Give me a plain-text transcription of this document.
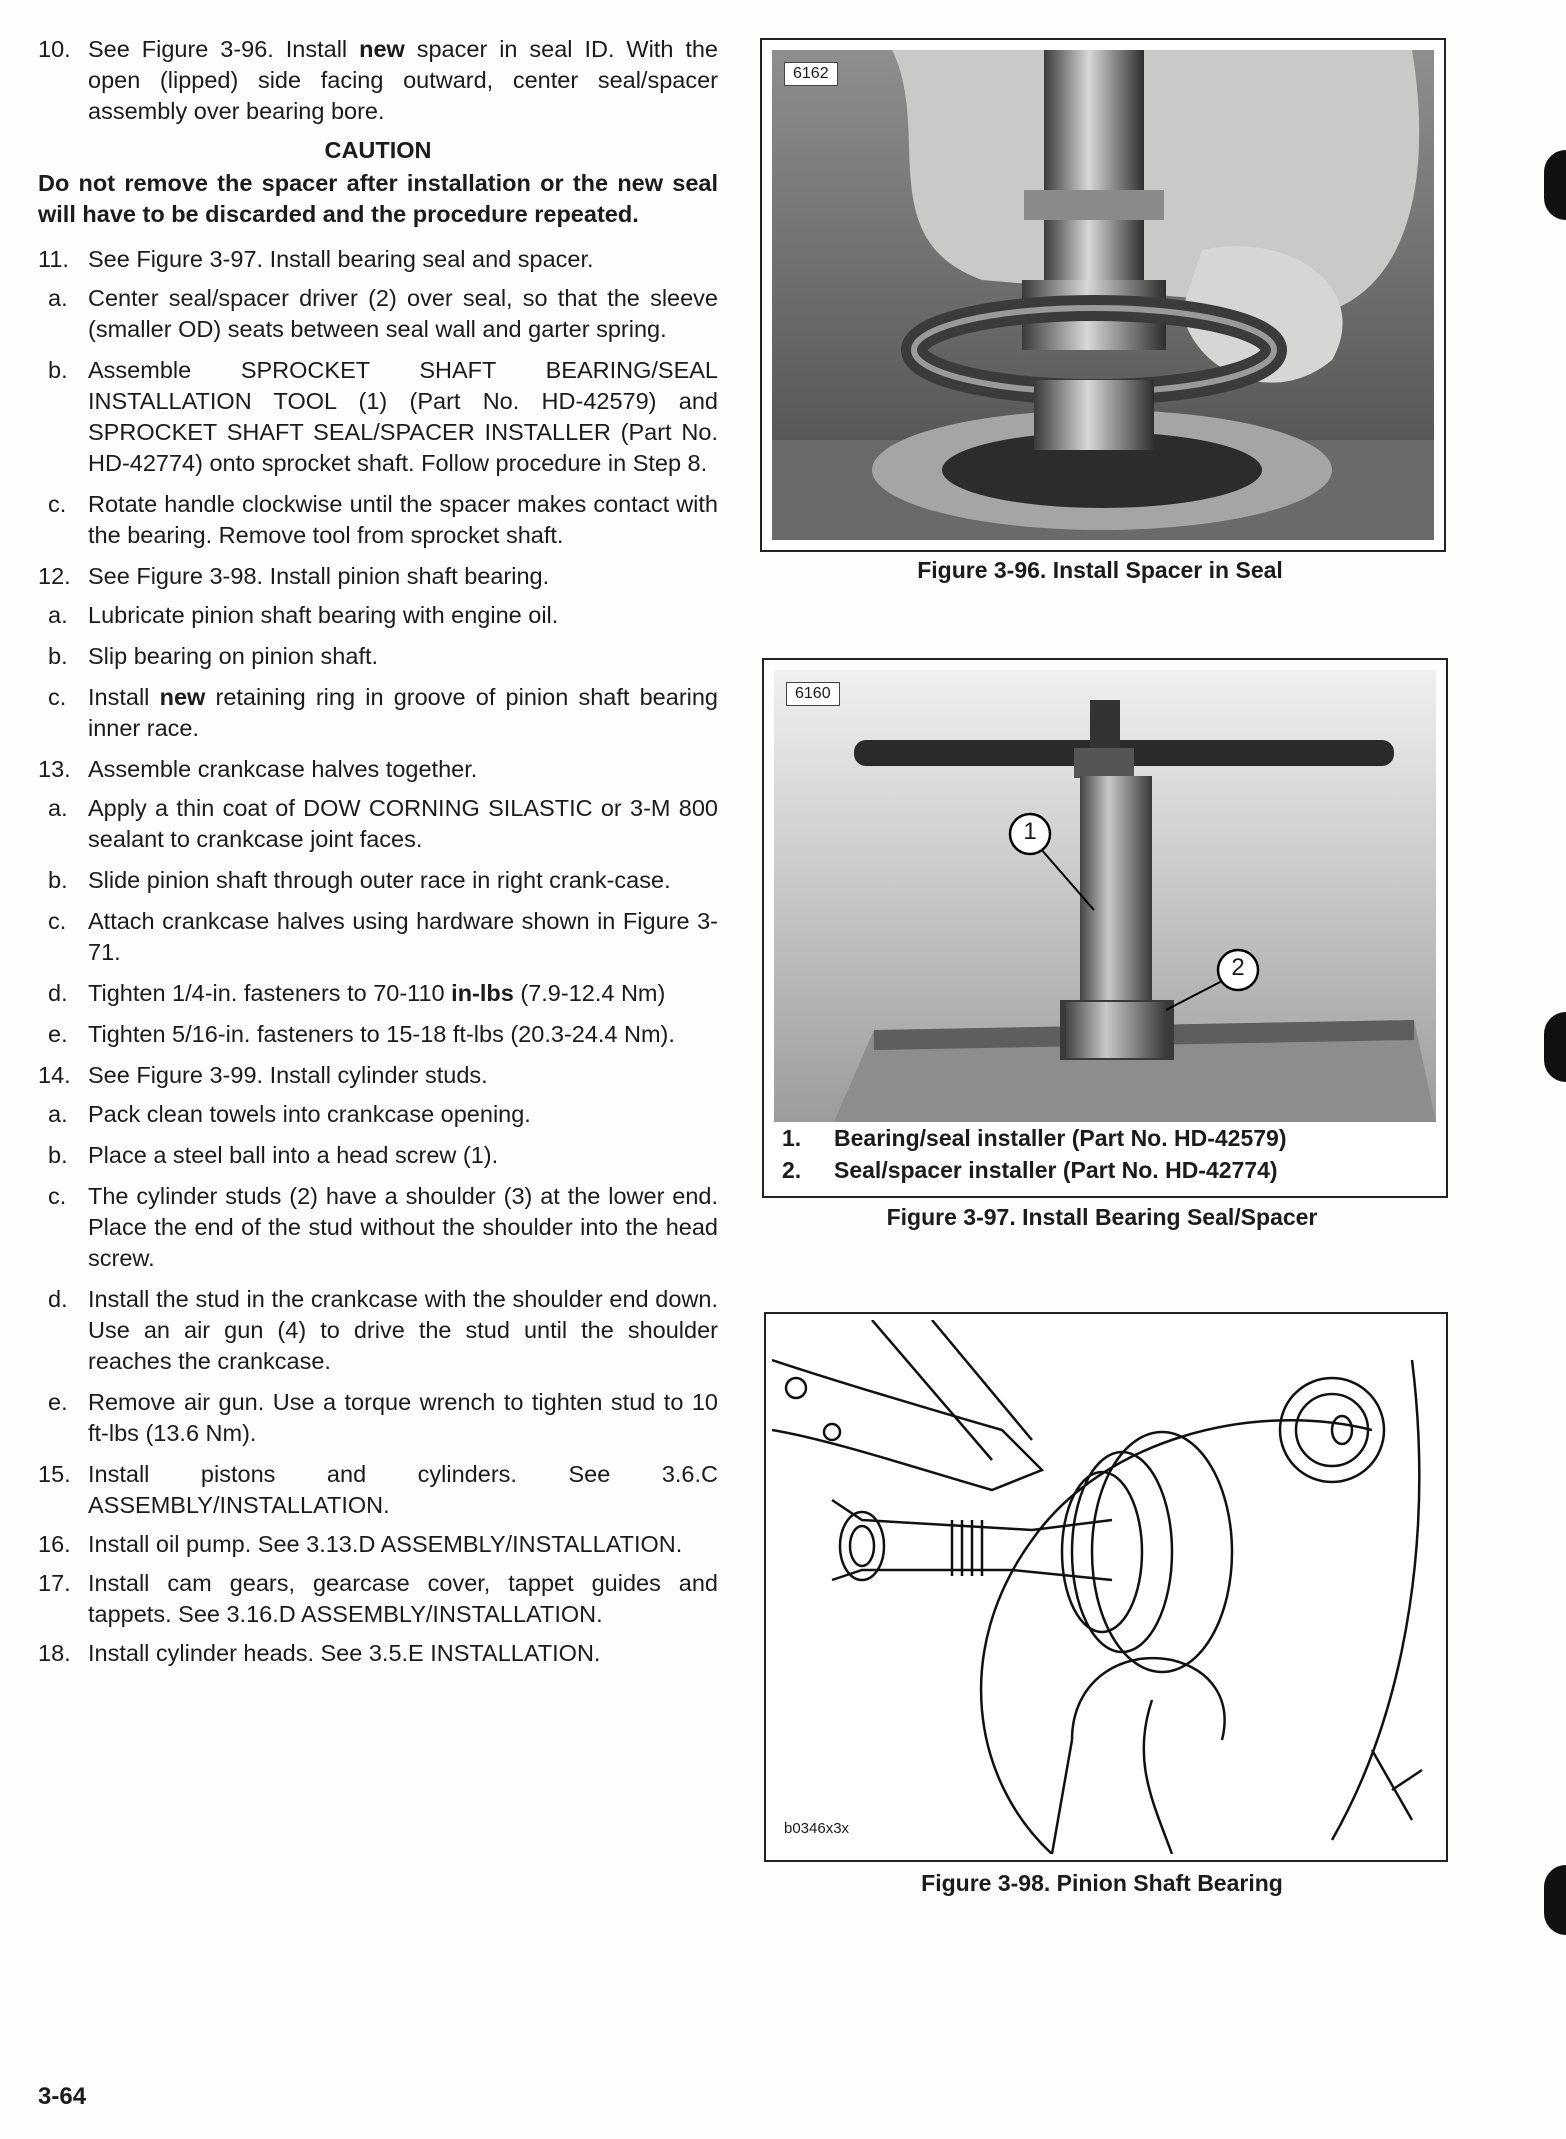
10. See Figure 3-96. Install new spacer in seal ID. With the open (lipped) side facing outward, center seal/spacer assembly over bearing bore.
CAUTION
Do not remove the spacer after installation or the new seal will have to be discarded and the procedure repeated.
11. See Figure 3-97. Install bearing seal and spacer.
a. Center seal/spacer driver (2) over seal, so that the sleeve (smaller OD) seats between seal wall and garter spring.
b. Assemble SPROCKET SHAFT BEARING/SEAL INSTALLATION TOOL (1) (Part No. HD-42579) and SPROCKET SHAFT SEAL/SPACER INSTALLER (Part No. HD-42774) onto sprocket shaft. Follow procedure in Step 8.
c. Rotate handle clockwise until the spacer makes contact with the bearing. Remove tool from sprocket shaft.
12. See Figure 3-98. Install pinion shaft bearing.
a. Lubricate pinion shaft bearing with engine oil.
b. Slip bearing on pinion shaft.
c. Install new retaining ring in groove of pinion shaft bearing inner race.
13. Assemble crankcase halves together.
a. Apply a thin coat of DOW CORNING SILASTIC or 3-M 800 sealant to crankcase joint faces.
b. Slide pinion shaft through outer race in right crank-case.
c. Attach crankcase halves using hardware shown in Figure 3-71.
d. Tighten 1/4-in. fasteners to 70-110 in-lbs (7.9-12.4 Nm)
e. Tighten 5/16-in. fasteners to 15-18 ft-lbs (20.3-24.4 Nm).
14. See Figure 3-99. Install cylinder studs.
a. Pack clean towels into crankcase opening.
b. Place a steel ball into a head screw (1).
c. The cylinder studs (2) have a shoulder (3) at the lower end. Place the end of the stud without the shoulder into the head screw.
d. Install the stud in the crankcase with the shoulder end down. Use an air gun (4) to drive the stud until the shoulder reaches the crankcase.
e. Remove air gun. Use a torque wrench to tighten stud to 10 ft-lbs (13.6 Nm).
15. Install pistons and cylinders. See 3.6.C ASSEMBLY/INSTALLATION.
16. Install oil pump. See 3.13.D ASSEMBLY/INSTALLATION.
17. Install cam gears, gearcase cover, tappet guides and tappets. See 3.16.D ASSEMBLY/INSTALLATION.
18. Install cylinder heads. See 3.5.E INSTALLATION.
6162
Figure 3-96. Install Spacer in Seal
6160
1
2
1. Bearing/seal installer (Part No. HD-42579)
2. Seal/spacer installer (Part No. HD-42774)
Figure 3-97. Install Bearing Seal/Spacer
b0346x3x
Figure 3-98. Pinion Shaft Bearing
3-64
